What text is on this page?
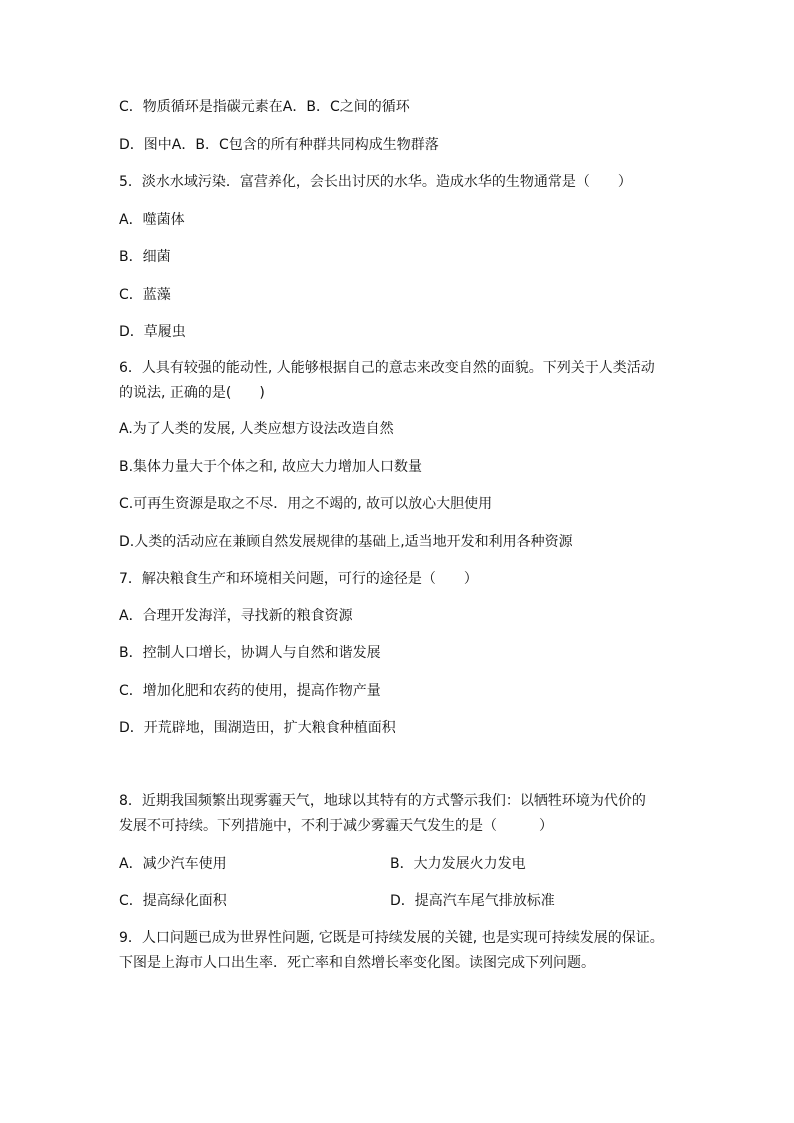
C．物质循环是指碳元素在A．B．C之间的循环
D．图中A．B．C包含的所有种群共同构成生物群落
5．淡水水域污染．富营养化，会长出讨厌的水华。造成水华的生物通常是（　　）
A．噬菌体
B．细菌
C．蓝藻
D．草履虫
6．人具有较强的能动性, 人能够根据自己的意志来改变自然的面貌。下列关于人类活动
的说法, 正确的是(　　)
A.为了人类的发展, 人类应想方设法改造自然
B.集体力量大于个体之和, 故应大力增加人口数量
C.可再生资源是取之不尽．用之不竭的, 故可以放心大胆使用
D.人类的活动应在兼顾自然发展规律的基础上,适当地开发和利用各种资源
7．解决粮食生产和环境相关问题，可行的途径是（　　）
A．合理开发海洋，寻找新的粮食资源
B．控制人口增长，协调人与自然和谐发展
C．增加化肥和农药的使用，提高作物产量
D．开荒辟地，围湖造田，扩大粮食种植面积
8．近期我国频繁出现雾霾天气，地球以其特有的方式警示我们：以牺牲环境为代价的
发展不可持续。下列措施中，不利于减少雾霾天气发生的是（　　　）
A．减少汽车使用	B．大力发展火力发电
C．提高绿化面积	D．提高汽车尾气排放标准
9．人口问题已成为世界性问题, 它既是可持续发展的关键, 也是实现可持续发展的保证。
下图是上海市人口出生率．死亡率和自然增长率变化图。读图完成下列问题。
